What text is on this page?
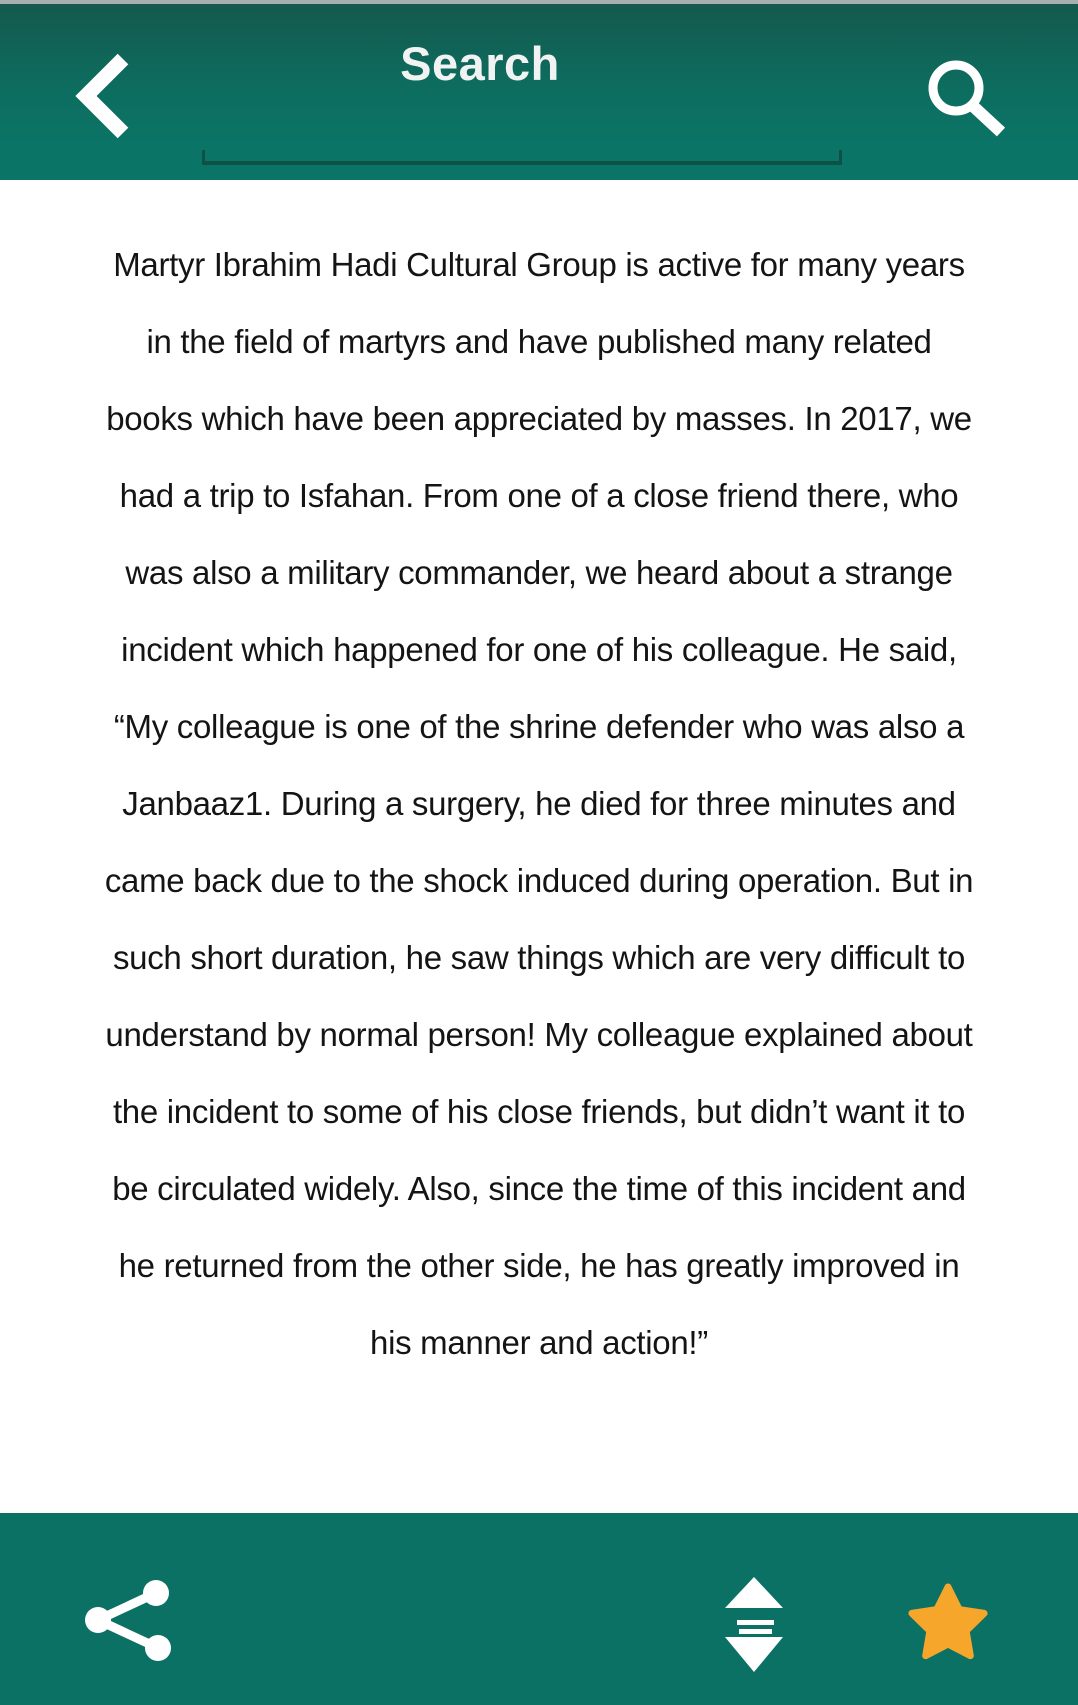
Search
Martyr Ibrahim Hadi Cultural Group is active for many years
in the field of martyrs and have published many related
books which have been appreciated by masses. In 2017, we
had a trip to Isfahan. From one of a close friend there, who
was also a military commander, we heard about a strange
incident which happened for one of his colleague. He said,
“My colleague is one of the shrine defender who was also a
Janbaaz1. During a surgery, he died for three minutes and
came back due to the shock induced during operation. But in
such short duration, he saw things which are very difficult to
understand by normal person! My colleague explained about
the incident to some of his close friends, but didn’t want it to
be circulated widely. Also, since the time of this incident and
he returned from the other side, he has greatly improved in
his manner and action!”
